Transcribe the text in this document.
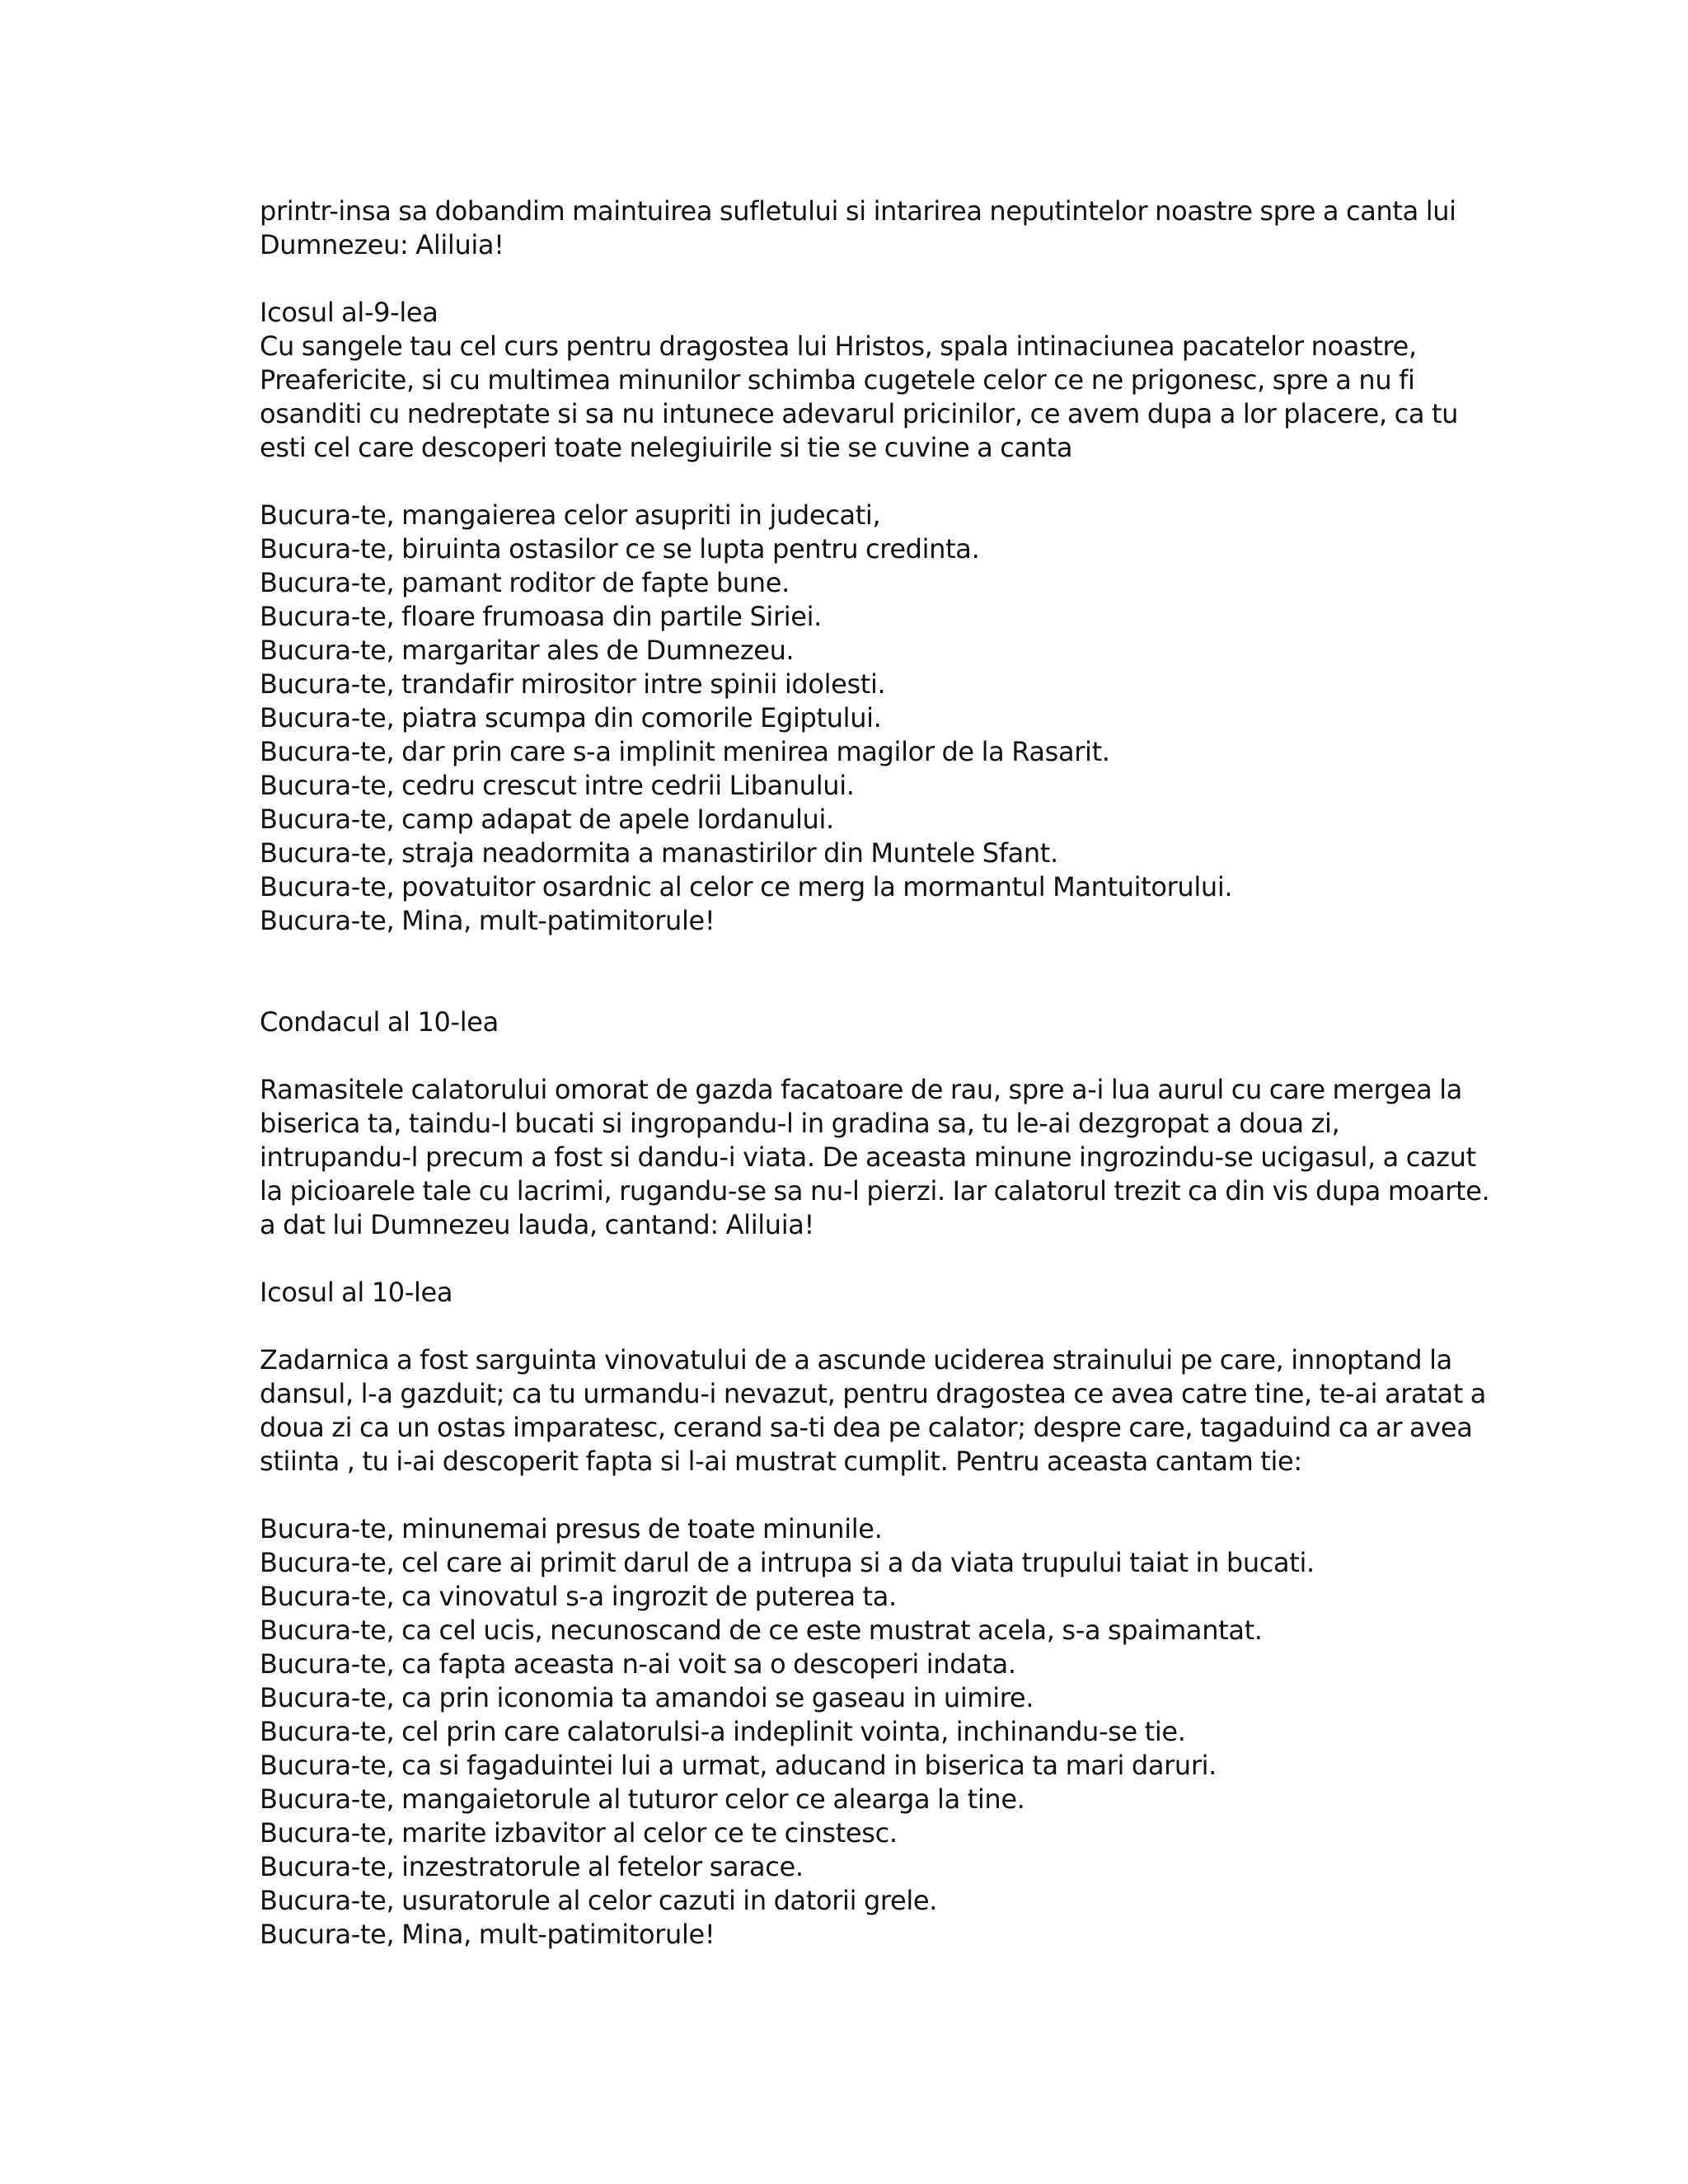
printr-insa sa dobandim maintuirea sufletului si intarirea neputintelor noastre spre a canta lui
Dumnezeu: Aliluia!
Icosul al-9-lea
Cu sangele tau cel curs pentru dragostea lui Hristos, spala intinaciunea pacatelor noastre,
Preafericite, si cu multimea minunilor schimba cugetele celor ce ne prigonesc, spre a nu fi
osanditi cu nedreptate si sa nu intunece adevarul pricinilor, ce avem dupa a lor placere, ca tu
esti cel care descoperi toate nelegiuirile si tie se cuvine a canta
Bucura-te, mangaierea celor asupriti in judecati,
Bucura-te, biruinta ostasilor ce se lupta pentru credinta.
Bucura-te, pamant roditor de fapte bune.
Bucura-te, floare frumoasa din partile Siriei.
Bucura-te, margaritar ales de Dumnezeu.
Bucura-te, trandafir mirositor intre spinii idolesti.
Bucura-te, piatra scumpa din comorile Egiptului.
Bucura-te, dar prin care s-a implinit menirea magilor de la Rasarit.
Bucura-te, cedru crescut intre cedrii Libanului.
Bucura-te, camp adapat de apele Iordanului.
Bucura-te, straja neadormita a manastirilor din Muntele Sfant.
Bucura-te, povatuitor osardnic al celor ce merg la mormantul Mantuitorului.
Bucura-te, Mina, mult-patimitorule!
Condacul al 10-lea
Ramasitele calatorului omorat de gazda facatoare de rau, spre a-i lua aurul cu care mergea la
biserica ta, taindu-l bucati si ingropandu-l in gradina sa, tu le-ai dezgropat a doua zi,
intrupandu-l precum a fost si dandu-i viata. De aceasta minune ingrozindu-se ucigasul, a cazut
la picioarele tale cu lacrimi, rugandu-se sa nu-l pierzi. Iar calatorul trezit ca din vis dupa moarte.
a dat lui Dumnezeu lauda, cantand: Aliluia!
Icosul al 10-lea
Zadarnica a fost sarguinta vinovatului de a ascunde uciderea strainului pe care, innoptand la
dansul, l-a gazduit; ca tu urmandu-i nevazut, pentru dragostea ce avea catre tine, te-ai aratat a
doua zi ca un ostas imparatesc, cerand sa-ti dea pe calator; despre care, tagaduind ca ar avea
stiinta , tu i-ai descoperit fapta si l-ai mustrat cumplit. Pentru aceasta cantam tie:
Bucura-te, minunemai presus de toate minunile.
Bucura-te, cel care ai primit darul de a intrupa si a da viata trupului taiat in bucati.
Bucura-te, ca vinovatul s-a ingrozit de puterea ta.
Bucura-te, ca cel ucis, necunoscand de ce este mustrat acela, s-a spaimantat.
Bucura-te, ca fapta aceasta n-ai voit sa o descoperi indata.
Bucura-te, ca prin iconomia ta amandoi se gaseau in uimire.
Bucura-te, cel prin care calatorulsi-a indeplinit vointa, inchinandu-se tie.
Bucura-te, ca si fagaduintei lui a urmat, aducand in biserica ta mari daruri.
Bucura-te, mangaietorule al tuturor celor ce alearga la tine.
Bucura-te, marite izbavitor al celor ce te cinstesc.
Bucura-te, inzestratorule al fetelor sarace.
Bucura-te, usuratorule al celor cazuti in datorii grele.
Bucura-te, Mina, mult-patimitorule!
